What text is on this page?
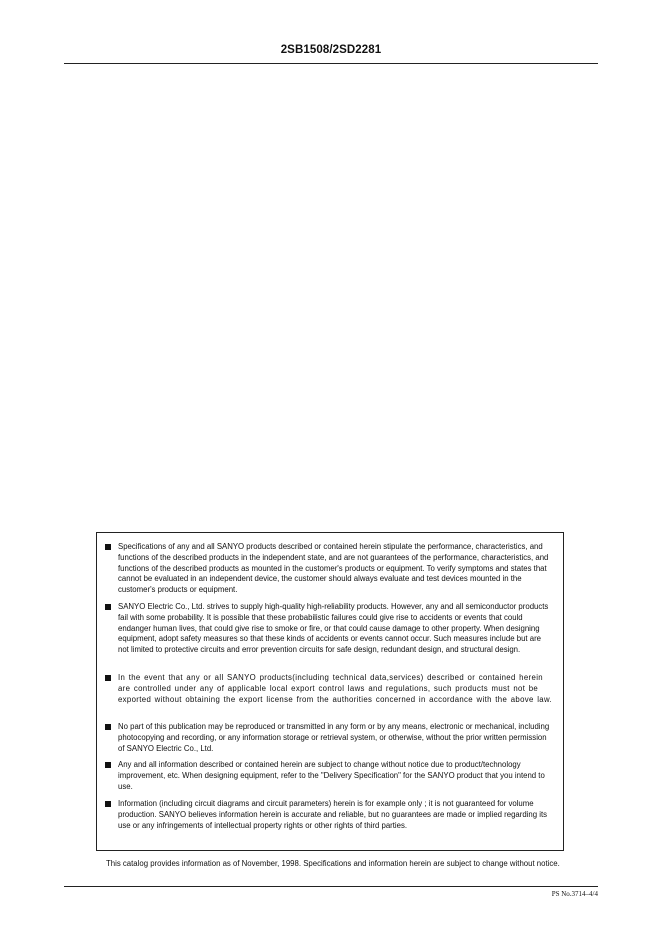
2SB1508/2SD2281
Specifications of any and all SANYO products described or contained herein stipulate the performance, characteristics, and functions of the described products in the independent state, and are not guarantees of the performance, characteristics, and functions of the described products as mounted in the customer's products or equipment. To verify symptoms and states that cannot be evaluated in an independent device, the customer should always evaluate and test devices mounted in the customer's products or equipment.
SANYO Electric Co., Ltd. strives to supply high-quality high-reliability products. However, any and all semiconductor products fail with some probability. It is possible that these probabilistic failures could give rise to accidents or events that could endanger human lives, that could give rise to smoke or fire, or that could cause damage to other property. When designing equipment, adopt safety measures so that these kinds of accidents or events cannot occur. Such measures include but are not limited to protective circuits and error prevention circuits for safe design, redundant design, and structural design.
In the event that any or all SANYO products(including technical data,services) described or contained herein are controlled under any of applicable local export control laws and regulations, such products must not be exported without obtaining the export license from the authorities concerned in accordance with the above law.
No part of this publication may be reproduced or transmitted in any form or by any means, electronic or mechanical, including photocopying and recording, or any information storage or retrieval system, or otherwise, without the prior written permission of SANYO Electric Co., Ltd.
Any and all information described or contained herein are subject to change without notice due to product/technology improvement, etc. When designing equipment, refer to the "Delivery Specification" for the SANYO product that you intend to use.
Information (including circuit diagrams and circuit parameters) herein is for example only ; it is not guaranteed for volume production. SANYO believes information herein is accurate and reliable, but no guarantees are made or implied regarding its use or any infringements of intellectual property rights or other rights of third parties.
This catalog provides information as of November, 1998. Specifications and information herein are subject to change without notice.
PS No.3714–4/4
